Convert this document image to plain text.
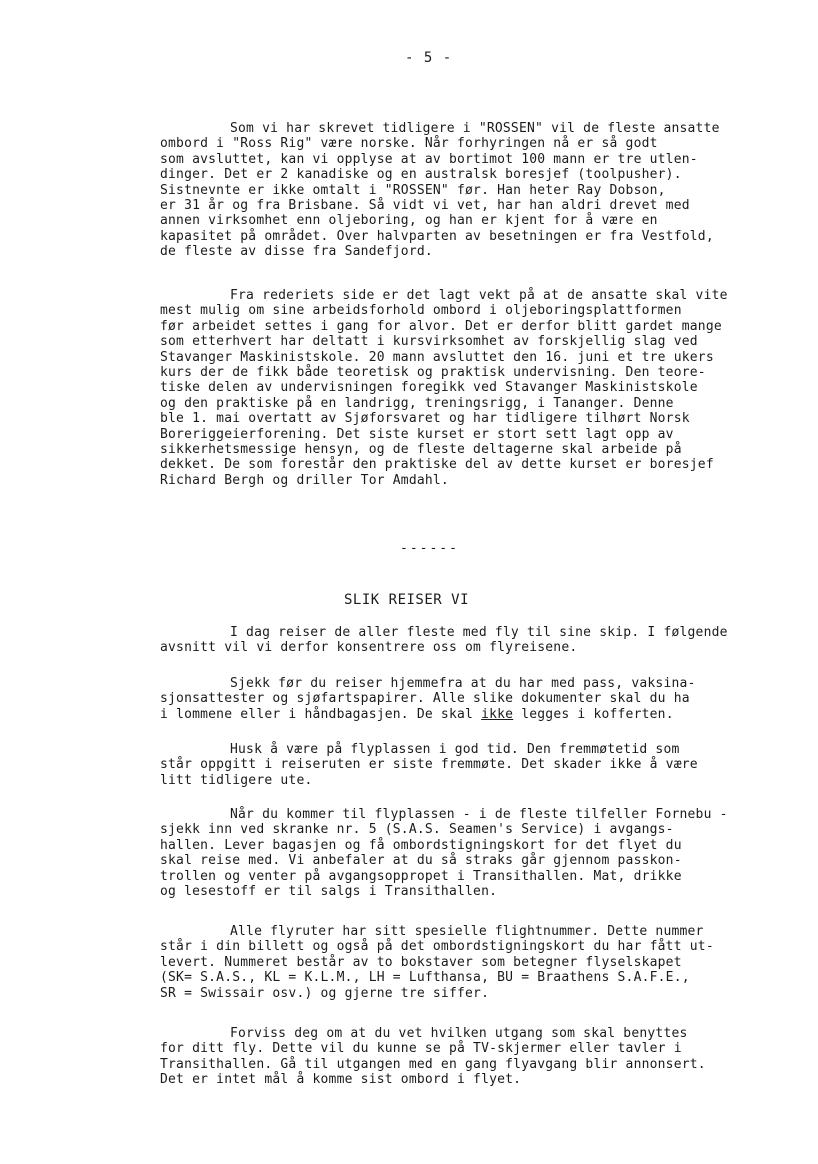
- 5 -
Som vi har skrevet tidligere i "ROSSEN" vil de fleste ansatte
ombord i "Ross Rig" være norske. Når forhyringen nå er så godt
som avsluttet, kan vi opplyse at av bortimot 100 mann er tre utlen-
dinger. Det er 2 kanadiske og en australsk boresjef (toolpusher).
Sistnevnte er ikke omtalt i "ROSSEN" før. Han heter Ray Dobson,
er 31 år og fra Brisbane. Så vidt vi vet, har han aldri drevet med
annen virksomhet enn oljeboring, og han er kjent for å være en
kapasitet på området. Over halvparten av besetningen er fra Vestfold,
de fleste av disse fra Sandefjord.
Fra rederiets side er det lagt vekt på at de ansatte skal vite
mest mulig om sine arbeidsforhold ombord i oljeboringsplattformen
før arbeidet settes i gang for alvor. Det er derfor blitt gardet mange
som etterhvert har deltatt i kursvirksomhet av forskjellig slag ved
Stavanger Maskinistskole. 20 mann avsluttet den 16. juni et tre ukers
kurs der de fikk både teoretisk og praktisk undervisning. Den teore-
tiske delen av undervisningen foregikk ved Stavanger Maskinistskole
og den praktiske på en landrigg, treningsrigg, i Tananger. Denne
ble 1. mai overtatt av Sjøforsvaret og har tidligere tilhørt Norsk
Boreriggeierforening. Det siste kurset er stort sett lagt opp av
sikkerhetsmessige hensyn, og de fleste deltagerne skal arbeide på
dekket. De som forestår den praktiske del av dette kurset er boresjef
Richard Bergh og driller Tor Amdahl.
------
SLIK REISER VI
I dag reiser de aller fleste med fly til sine skip. I følgende
avsnitt vil vi derfor konsentrere oss om flyreisene.
Sjekk før du reiser hjemmefra at du har med pass, vaksina-
sjonsattester og sjøfartspapirer. Alle slike dokumenter skal du ha
i lommene eller i håndbagasjen. De skal ikke legges i kofferten.
Husk å være på flyplassen i god tid. Den fremmøtetid som
står oppgitt i reiseruten er siste fremmøte. Det skader ikke å være
litt tidligere ute.
Når du kommer til flyplassen - i de fleste tilfeller Fornebu -
sjekk inn ved skranke nr. 5 (S.A.S. Seamen's Service) i avgangs-
hallen. Lever bagasjen og få ombordstigningskort for det flyet du
skal reise med. Vi anbefaler at du så straks går gjennom passkon-
trollen og venter på avgangsoppropet i Transithallen. Mat, drikke
og lesestoff er til salgs i Transithallen.
Alle flyruter har sitt spesielle flightnummer. Dette nummer
står i din billett og også på det ombordstigningskort du har fått ut-
levert. Nummeret består av to bokstaver som betegner flyselskapet
(SK= S.A.S., KL = K.L.M., LH = Lufthansa, BU = Braathens S.A.F.E.,
SR = Swissair osv.) og gjerne tre siffer.
Forviss deg om at du vet hvilken utgang som skal benyttes
for ditt fly. Dette vil du kunne se på TV-skjermer eller tavler i
Transithallen. Gå til utgangen med en gang flyavgang blir annonsert.
Det er intet mål å komme sist ombord i flyet.
